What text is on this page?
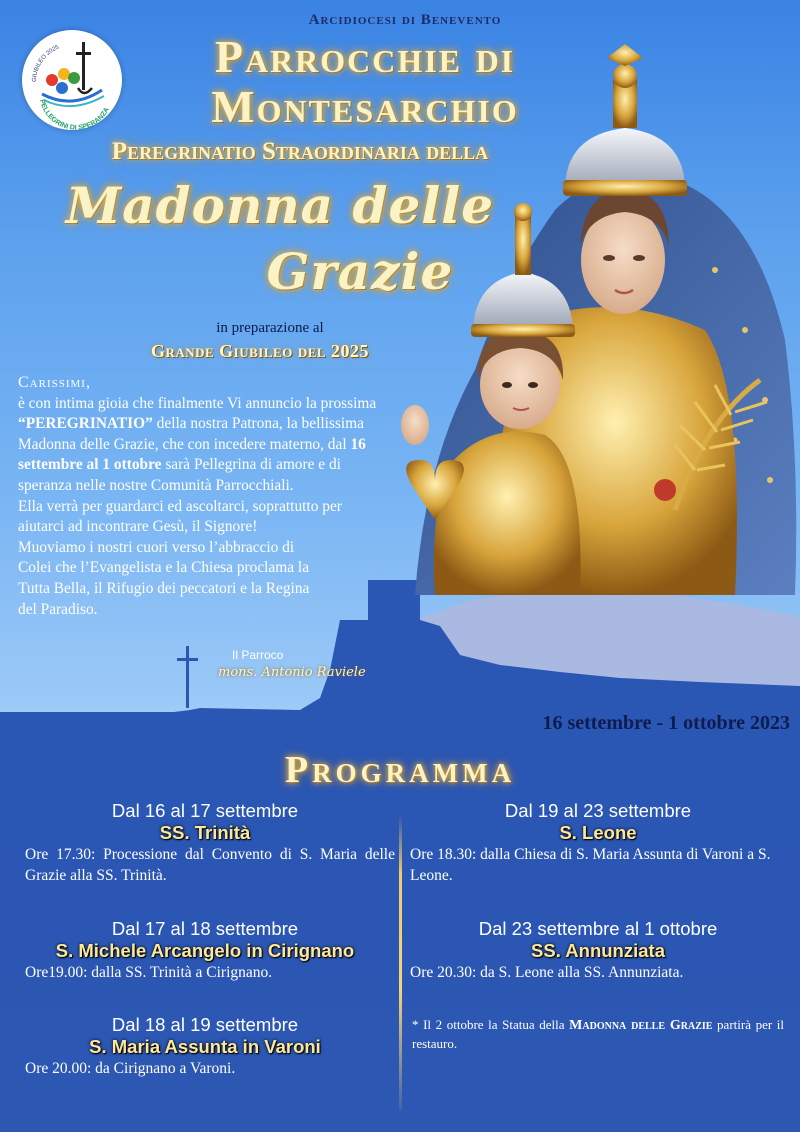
GIUBILEO 2025
PELLEGRINI DI SPERANZA
Arcidiocesi di Benevento
Parrocchie di
Montesarchio
Peregrinatio Straordinaria della
Madonna delle
Grazie
in preparazione al
Grande Giubileo del 2025

Carissimi,

è con intima gioia che finalmente Vi annuncio la prossima “PEREGRINATIO” della nostra Patrona, la bellissima Madonna delle Grazie, che con incedere materno, dal 16 settembre al 1 ottobre sarà Pellegrina di amore e di speranza nelle nostre Comunità Parrocchiali.

Ella verrà per guardarci ed ascoltarci, soprattutto per aiutarci ad incontrare Gesù, il Signore!

Muoviamo i nostri cuori verso l’abbraccio di Colei che l’Evangelista e la Chiesa proclama la Tutta Bella, il Rifugio dei peccatori e la Regina del Paradiso.

Il Parroco
mons. Antonio Raviele
16 settembre - 1 ottobre 2023
Programma
Dal 16 al 17 settembre
SS. Trinità
Ore 17.30: Processione dal Convento di S. Maria delle Grazie alla SS. Trinità.
Dal 17 al 18 settembre
S. Michele Arcangelo in Cirignano
Ore19.00: dalla SS. Trinità a Cirignano.
Dal 18 al 19 settembre
S. Maria Assunta in Varoni
Ore 20.00: da Cirignano a Varoni.
Dal 19 al 23 settembre
S. Leone
Ore 18.30: dalla Chiesa di S. Maria Assunta di Varoni a S. Leone.
Dal 23 settembre al 1 ottobre
SS. Annunziata
Ore 20.30: da S. Leone alla SS. Annunziata.
* Il 2 ottobre la Statua della Madonna delle Grazie partirà per il restauro.
